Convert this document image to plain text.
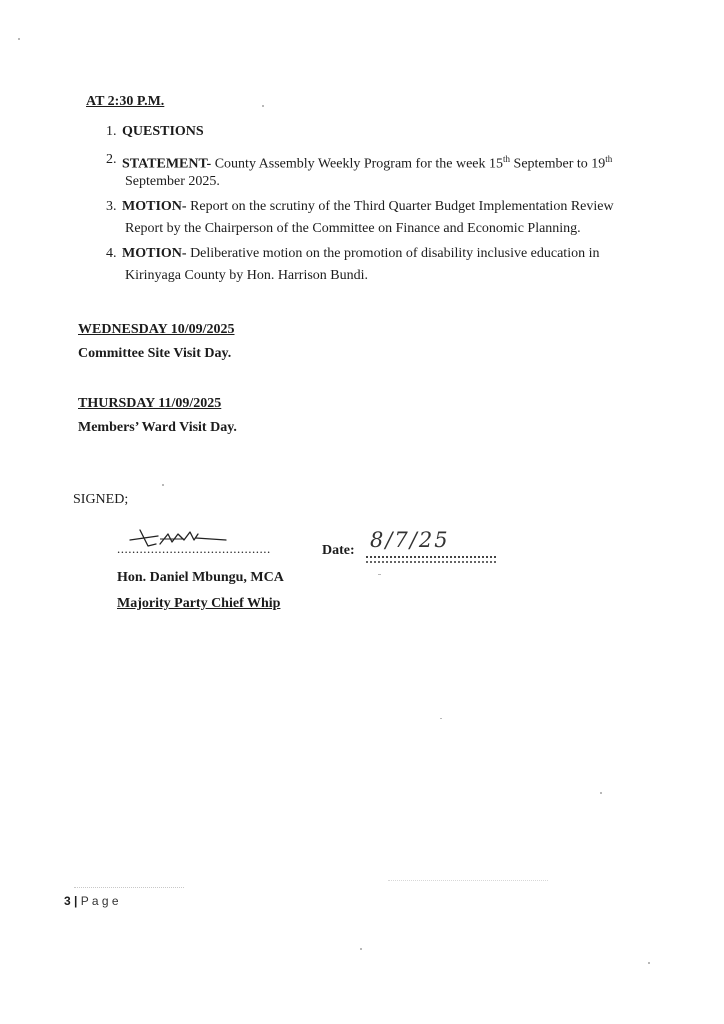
AT 2:30 P.M.
1. QUESTIONS
2. STATEMENT- County Assembly Weekly Program for the week 15th September to 19th
September 2025.
3. MOTION- Report on the scrutiny of the Third Quarter Budget Implementation Review
Report by the Chairperson of the Committee on Finance and Economic Planning.
4. MOTION- Deliberative motion on the promotion of disability inclusive education in
Kirinyaga County by Hon. Harrison Bundi.
WEDNESDAY 10/09/2025
Committee Site Visit Day.
THURSDAY 11/09/2025
Members’ Ward Visit Day.
SIGNED;
.........................................	Date: 8/7/25
Hon. Daniel Mbungu, MCA
Majority Party Chief Whip
3 | P a g e
